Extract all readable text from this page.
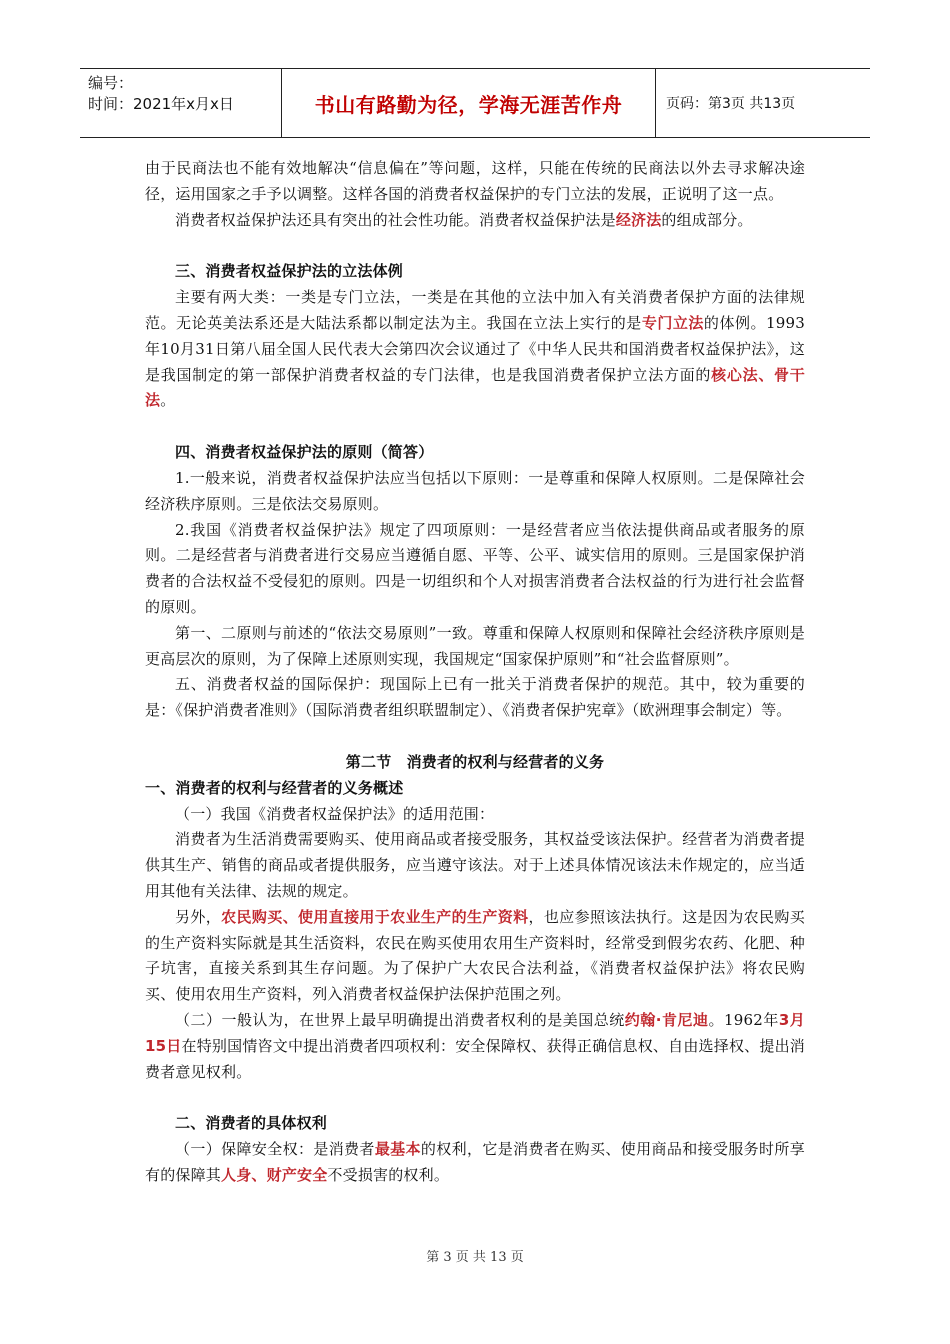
编号：
时间：2021年x月x日	书山有路勤为径，学海无涯苦作舟	页码：第3页 共13页

由于民商法也不能有效地解决“信息偏在”等问题，这样，只能在传统的民商法以外去寻求解决途径，运用国家之手予以调整。这样各国的消费者权益保护的专门立法的发展，正说明了这一点。

消费者权益保护法还具有突出的社会性功能。消费者权益保护法是经济法的组成部分。

三、消费者权益保护法的立法体例

主要有两大类：一类是专门立法，一类是在其他的立法中加入有关消费者保护方面的法律规范。无论英美法系还是大陆法系都以制定法为主。我国在立法上实行的是专门立法的体例。1993年10月31日第八届全国人民代表大会第四次会议通过了《中华人民共和国消费者权益保护法》，这是我国制定的第一部保护消费者权益的专门法律，也是我国消费者保护立法方面的核心法、骨干法。

四、消费者权益保护法的原则（简答）

1.一般来说，消费者权益保护法应当包括以下原则：一是尊重和保障人权原则。二是保障社会经济秩序原则。三是依法交易原则。

2.我国《消费者权益保护法》规定了四项原则：一是经营者应当依法提供商品或者服务的原则。二是经营者与消费者进行交易应当遵循自愿、平等、公平、诚实信用的原则。三是国家保护消费者的合法权益不受侵犯的原则。四是一切组织和个人对损害消费者合法权益的行为进行社会监督的原则。

第一、二原则与前述的“依法交易原则”一致。尊重和保障人权原则和保障社会经济秩序原则是更高层次的原则，为了保障上述原则实现，我国规定“国家保护原则”和“社会监督原则”。

五、消费者权益的国际保护：现国际上已有一批关于消费者保护的规范。其中，较为重要的是：《保护消费者准则》（国际消费者组织联盟制定）、《消费者保护宪章》（欧洲理事会制定）等。

第二节　消费者的权利与经营者的义务

一、消费者的权利与经营者的义务概述

（一）我国《消费者权益保护法》的适用范围：

消费者为生活消费需要购买、使用商品或者接受服务，其权益受该法保护。经营者为消费者提供其生产、销售的商品或者提供服务，应当遵守该法。对于上述具体情况该法未作规定的，应当适用其他有关法律、法规的规定。

另外，农民购买、使用直接用于农业生产的生产资料，也应参照该法执行。这是因为农民购买的生产资料实际就是其生活资料，农民在购买使用农用生产资料时，经常受到假劣农药、化肥、种子坑害，直接关系到其生存问题。为了保护广大农民合法利益，《消费者权益保护法》将农民购买、使用农用生产资料，列入消费者权益保护法保护范围之列。

（二）一般认为，在世界上最早明确提出消费者权利的是美国总统约翰·肯尼迪。1962年3月15日在特别国情咨文中提出消费者四项权利：安全保障权、获得正确信息权、自由选择权、提出消费者意见权利。

二、消费者的具体权利

（一）保障安全权：是消费者最基本的权利，它是消费者在购买、使用商品和接受服务时所享有的保障其人身、财产安全不受损害的权利。

第 3 页 共 13 页
